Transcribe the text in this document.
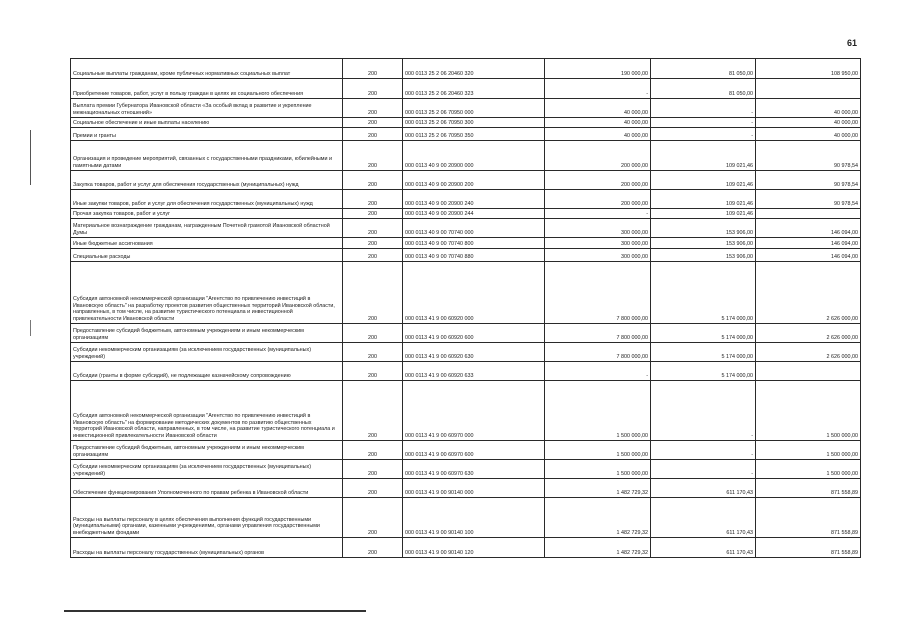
61
Социальные выплаты гражданам, кроме публичных нормативных социальных выплат	200	000 0113 25 2 06 20460 320	190 000,00	81 050,00	108 950,00
Приобретение товаров, работ, услуг в пользу граждан в целях их социального обеспечения	200	000 0113 25 2 06 20460 323	-	81 050,00	
Выплата премии Губернатора Ивановской области «За особый вклад в развитие и укрепление межнациональных отношений»	200	000 0113 25 2 06 70950 000	40 000,00	-	40 000,00
Социальное обеспечение и иные выплаты населению	200	000 0113 25 2 06 70950 300	40 000,00	-	40 000,00
Премии и гранты	200	000 0113 25 2 06 70950 350	40 000,00	-	40 000,00
Организация и проведение мероприятий, связанных с государственными праздниками, юбилейными и памятными датами	200	000 0113 40 9 00 20900 000	200 000,00	109 021,46	90 978,54
Закупка товаров, работ и услуг для обеспечения государственных (муниципальных) нужд	200	000 0113 40 9 00 20900 200	200 000,00	109 021,46	90 978,54
Иные закупки товаров, работ и услуг для обеспечения государственных (муниципальных) нужд	200	000 0113 40 9 00 20900 240	200 000,00	109 021,46	90 978,54
Прочая закупка товаров, работ и услуг	200	000 0113 40 9 00 20900 244	-	109 021,46	
Материальное вознаграждение гражданам, награжденным Почетной грамотой Ивановской областной Думы	200	000 0113 40 9 00 70740 000	300 000,00	153 906,00	146 094,00
Иные бюджетные ассигнования	200	000 0113 40 9 00 70740 800	300 000,00	153 906,00	146 094,00
Специальные расходы	200	000 0113 40 9 00 70740 880	300 000,00	153 906,00	146 094,00
Субсидия автономной некоммерческой организации "Агентство по привлечению инвестиций в Ивановскую область" на разработку проектов развития общественных территорий Ивановской области, направленных, в том числе, на развитие туристического потенциала и инвестиционной привлекательности Ивановской области	200	000 0113 41 9 00 60920 000	7 800 000,00	5 174 000,00	2 626 000,00
Предоставление субсидий бюджетным, автономным учреждениям и иным некоммерческим организациям	200	000 0113 41 9 00 60920 600	7 800 000,00	5 174 000,00	2 626 000,00
Субсидии некоммерческим организациям (за исключением государственных (муниципальных) учреждений)	200	000 0113 41 9 00 60920 630	7 800 000,00	5 174 000,00	2 626 000,00
Субсидии (гранты в форме субсидий), не подлежащие казначейскому сопровождению	200	000 0113 41 9 00 60920 633	-	5 174 000,00	
Субсидия автономной некоммерческой организации "Агентство по привлечению инвестиций в Ивановскую область" на формирование методических документов по развитию общественных территорий Ивановской области, направленных, в том числе, на развитие туристического потенциала и инвестиционной привлекательности Ивановской области	200	000 0113 41 9 00 60970 000	1 500 000,00	-	1 500 000,00
Предоставление субсидий бюджетным, автономным учреждениям и иным некоммерческим организациям	200	000 0113 41 9 00 60970 600	1 500 000,00	-	1 500 000,00
Субсидии некоммерческим организациям (за исключением государственных (муниципальных) учреждений)	200	000 0113 41 9 00 60970 630	1 500 000,00	-	1 500 000,00
Обеспечение функционирования Уполномоченного по правам ребенка в Ивановской области	200	000 0113 41 9 00 90140 000	1 482 729,32	611 170,43	871 558,89
Расходы на выплаты персоналу в целях обеспечения выполнения функций государственными (муниципальными) органами, казенными учреждениями, органами управления государственными внебюджетными фондами	200	000 0113 41 9 00 90140 100	1 482 729,32	611 170,43	871 558,89
Расходы на выплаты персоналу государственных (муниципальных) органов	200	000 0113 41 9 00 90140 120	1 482 729,32	611 170,43	871 558,89
